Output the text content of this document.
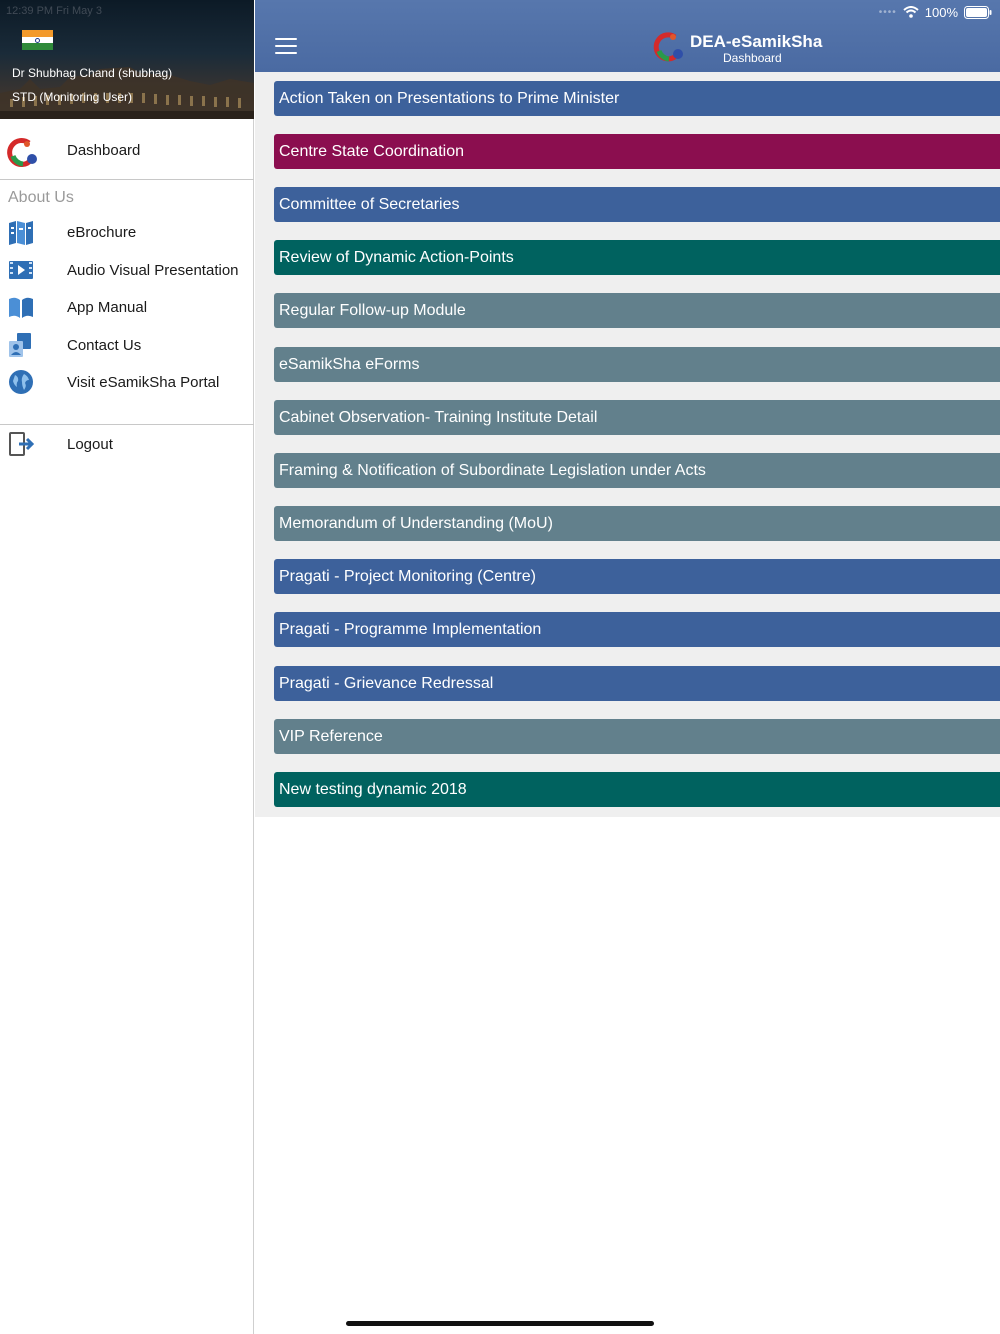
12:39 PM Fri May 3
Dr Shubhag Chand (shubhag)
STD (Monitoring User)
Dashboard
About Us
eBrochure
Audio Visual Presentation
App Manual
Contact Us
Visit eSamikSha Portal
Logout
•••• 100%
DEA-eSamikSha
Dashboard
Action Taken on Presentations to Prime Minister
Centre State Coordination
Committee of Secretaries
Review of Dynamic Action-Points
Regular Follow-up Module
eSamikSha eForms
Cabinet Observation- Training Institute Detail
Framing & Notification of Subordinate Legislation under Acts
Memorandum of Understanding (MoU)
Pragati - Project Monitoring (Centre)
Pragati - Programme Implementation
Pragati - Grievance Redressal
VIP Reference
New testing dynamic 2018
